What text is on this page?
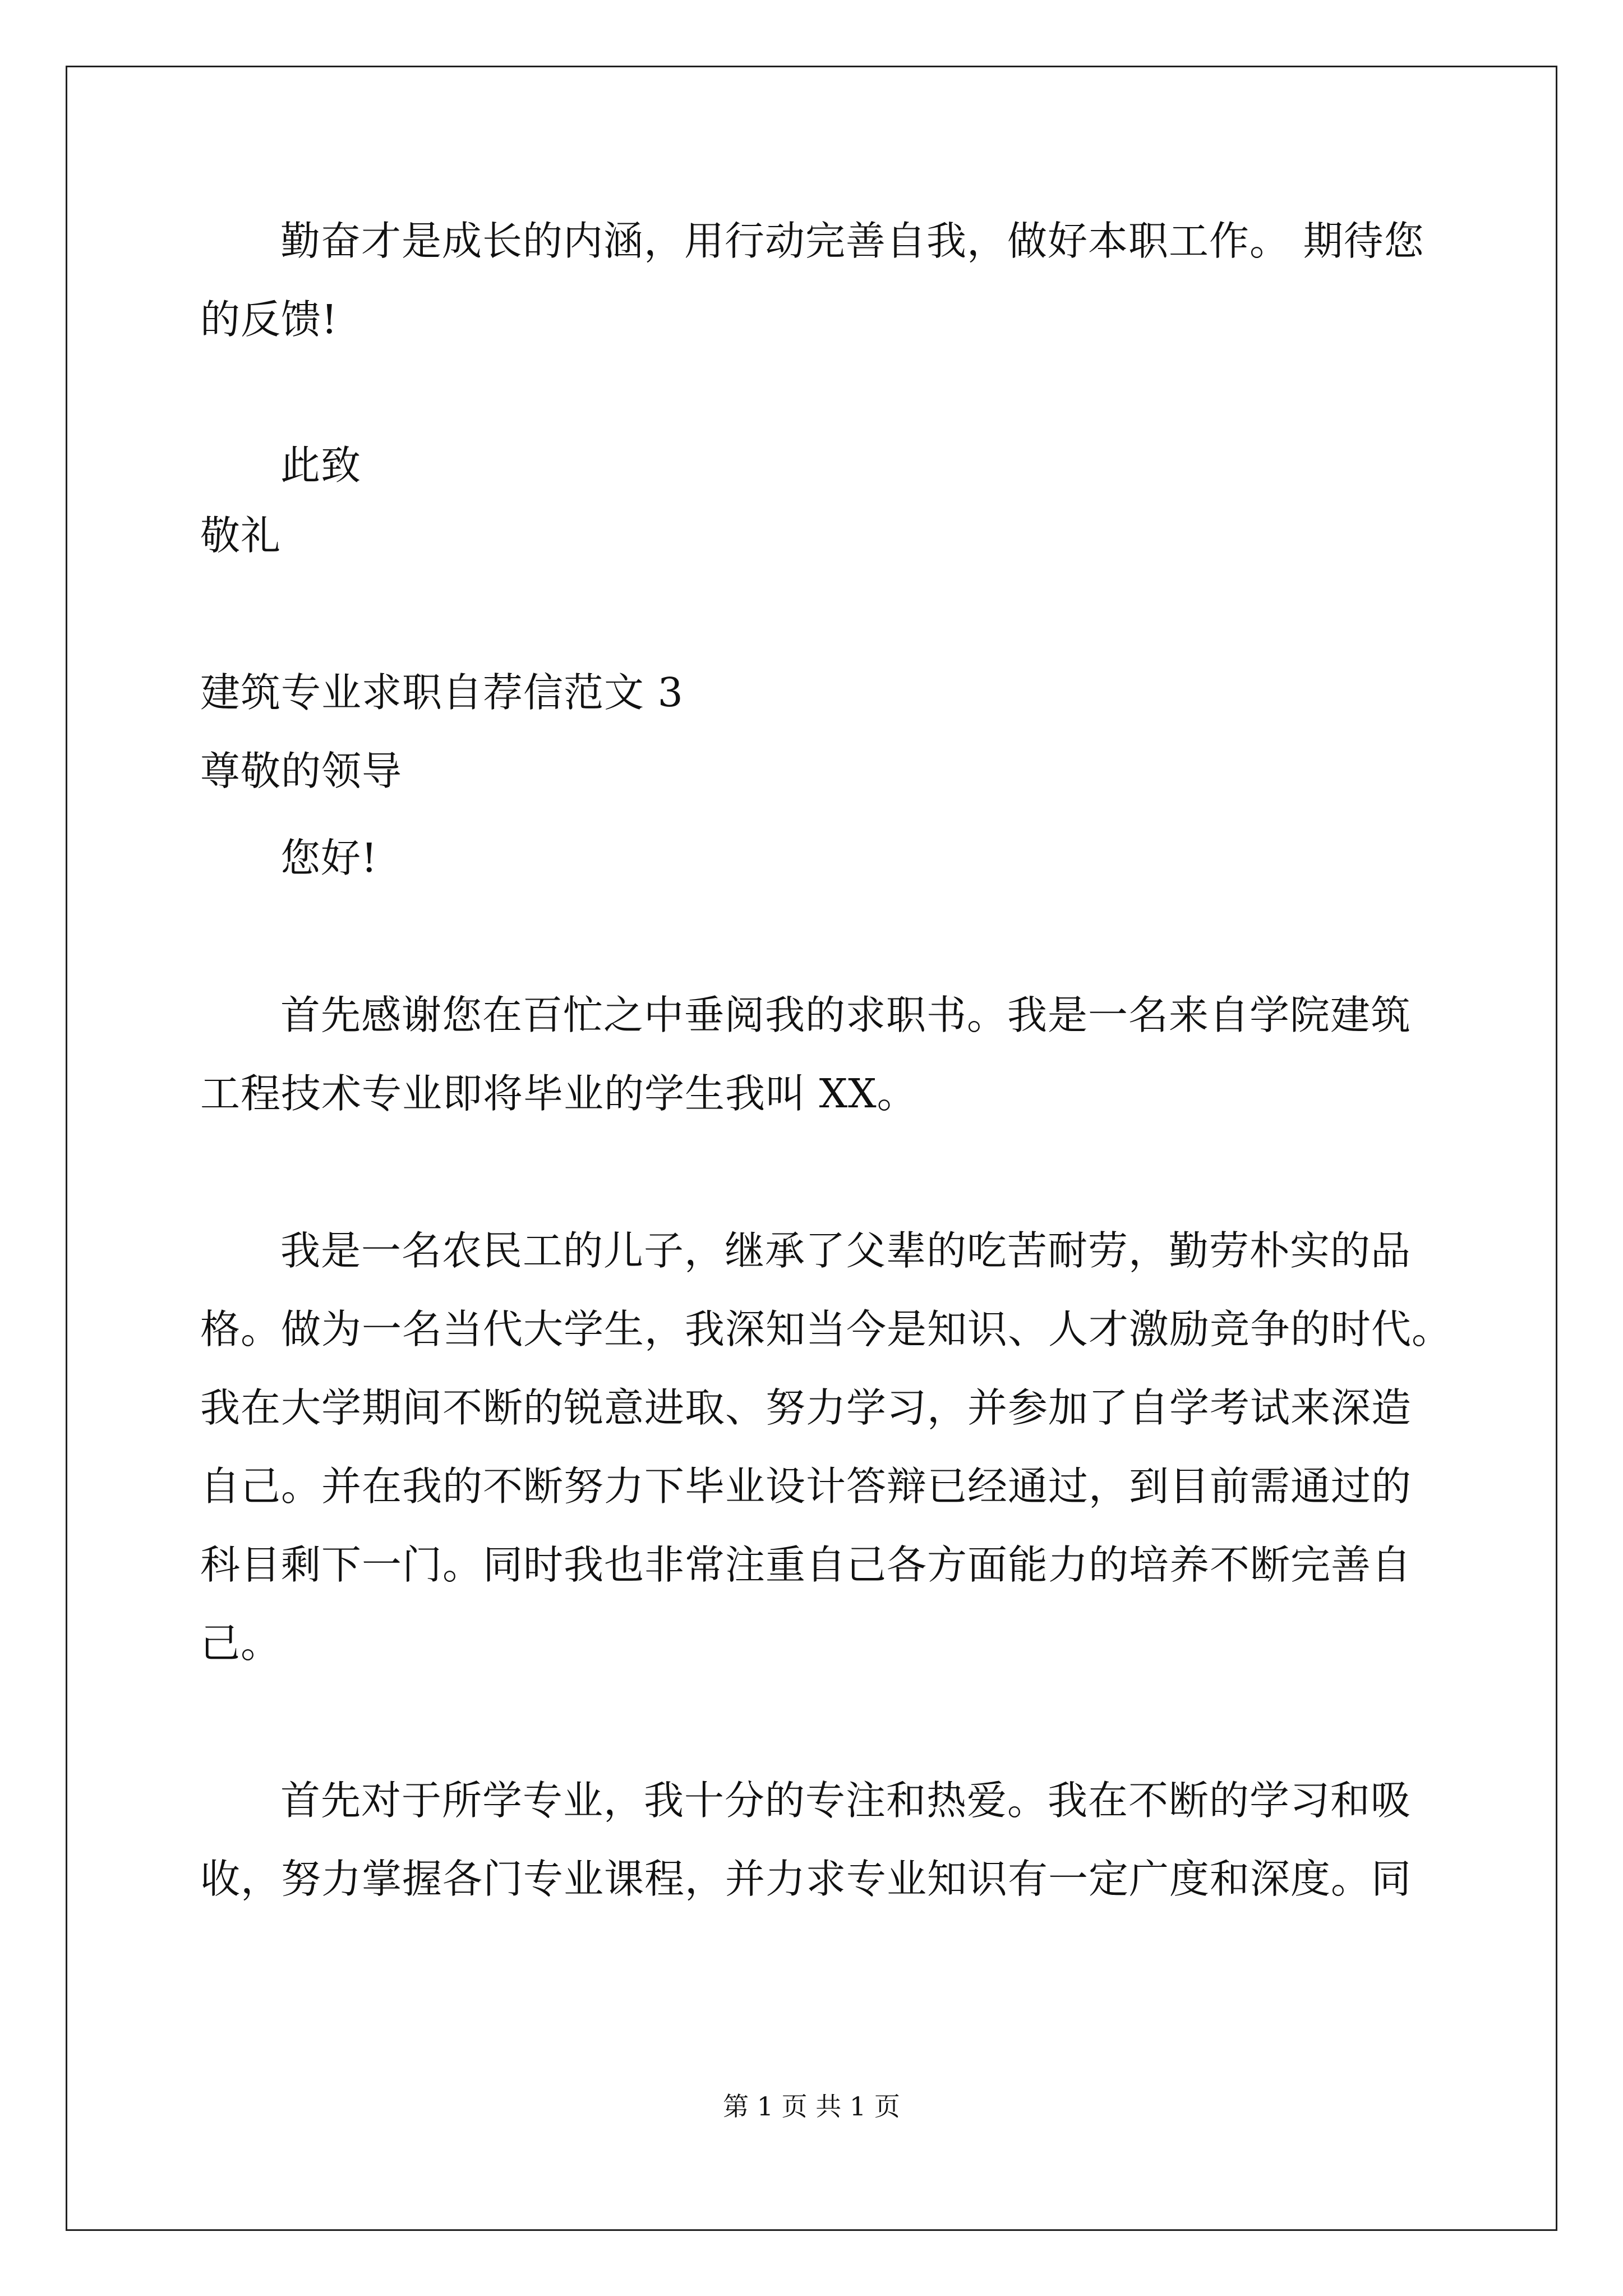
勤奋才是成长的内涵，用行动完善自我，做好本职工作。 期待您
的反馈!
此致
敬礼
建筑专业求职自荐信范文 3
尊敬的领导
您好!
首先感谢您在百忙之中垂阅我的求职书。我是一名来自学院建筑
工程技术专业即将毕业的学生我叫 XX。
我是一名农民工的儿子，继承了父辈的吃苦耐劳，勤劳朴实的品
格。做为一名当代大学生，我深知当今是知识、人才激励竞争的时代。
我在大学期间不断的锐意进取、努力学习，并参加了自学考试来深造
自己。并在我的不断努力下毕业设计答辩已经通过，到目前需通过的
科目剩下一门。同时我也非常注重自己各方面能力的培养不断完善自
己。
首先对于所学专业，我十分的专注和热爱。我在不断的学习和吸
收，努力掌握各门专业课程，并力求专业知识有一定广度和深度。同
第 1 页 共 1 页
